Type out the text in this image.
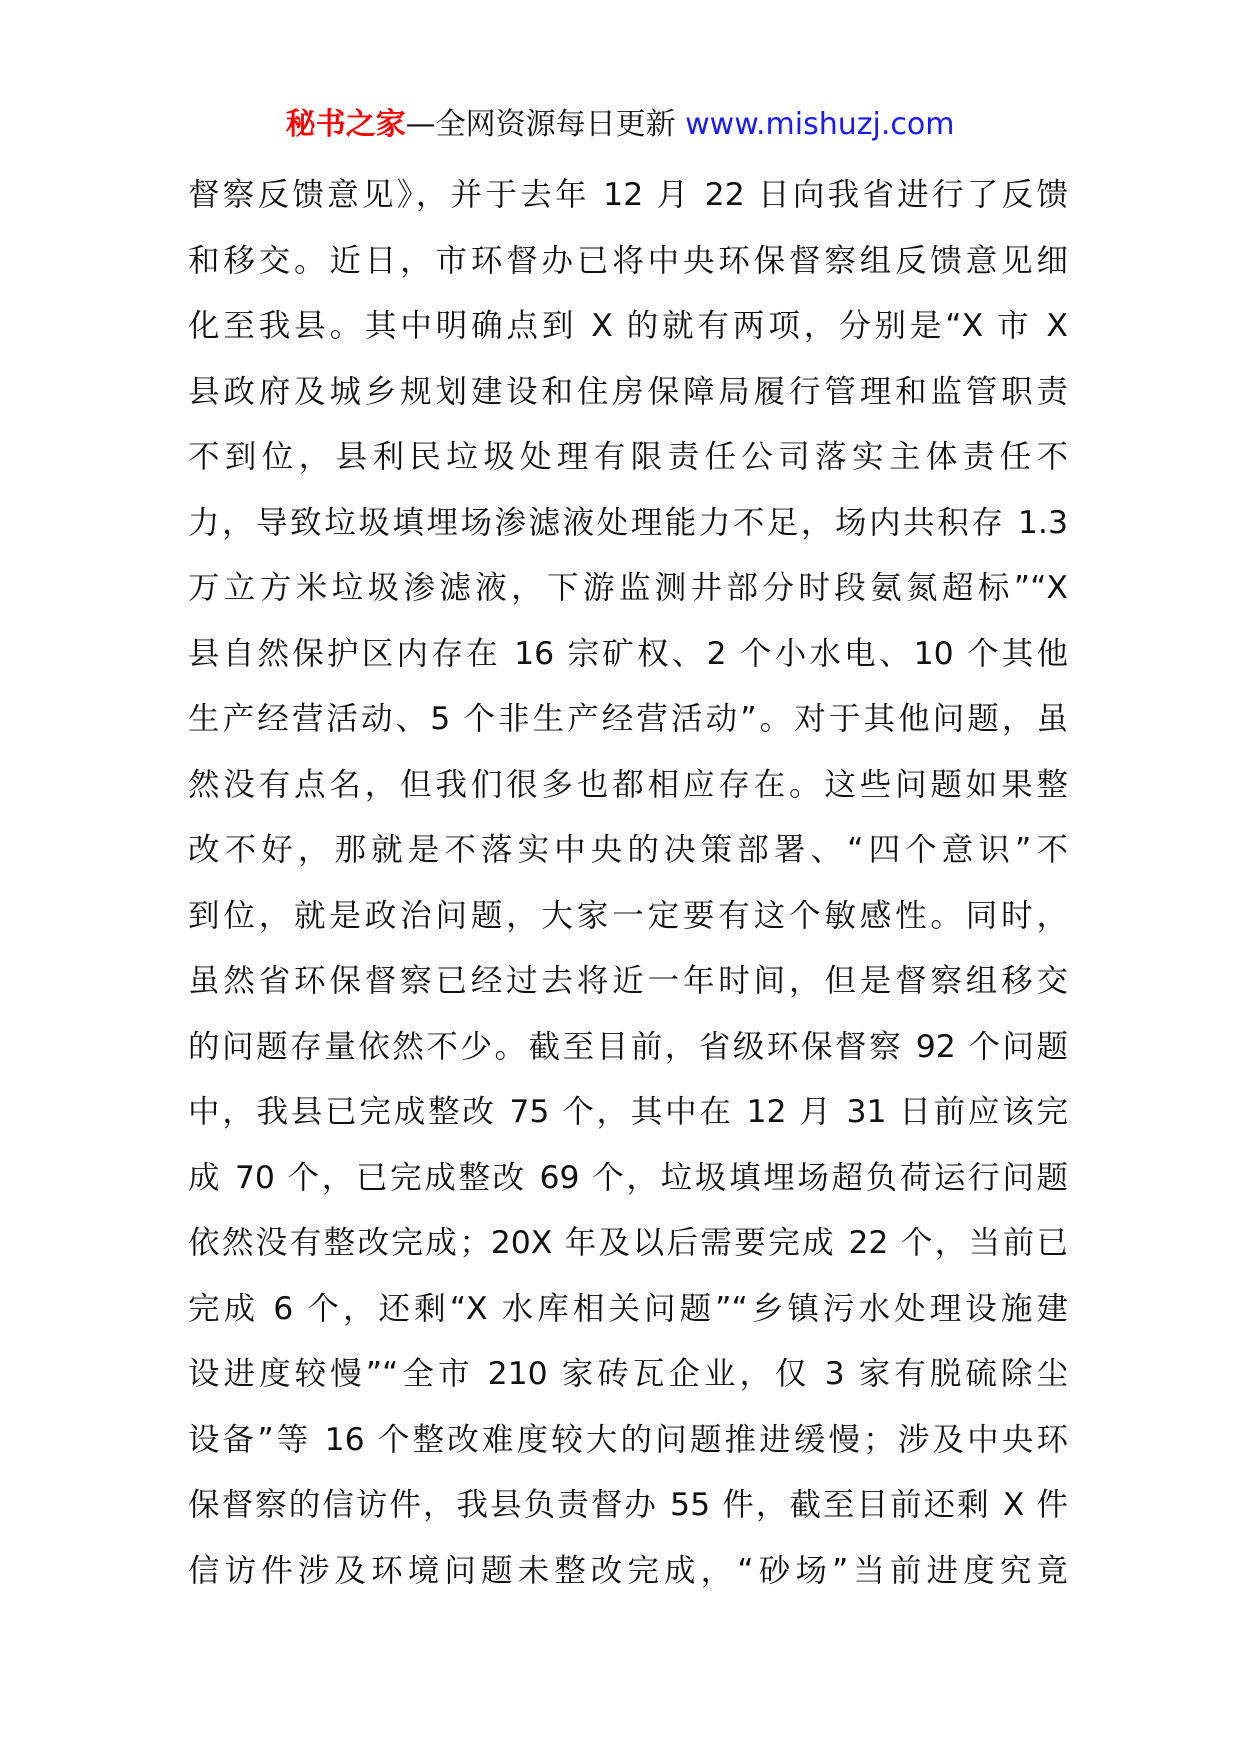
秘书之家—全网资源每日更新 www.mishuzj.com
督察反馈意见》，并于去年 12 月 22 日向我省进行了反馈
和移交。近日，市环督办已将中央环保督察组反馈意见细
化至我县。其中明确点到 X 的就有两项，分别是“X 市 X
县政府及城乡规划建设和住房保障局履行管理和监管职责
不到位，县利民垃圾处理有限责任公司落实主体责任不
力，导致垃圾填埋场渗滤液处理能力不足，场内共积存 1.3
万立方米垃圾渗滤液，下游监测井部分时段氨氮超标”“X
县自然保护区内存在 16 宗矿权、2 个小水电、10 个其他
生产经营活动、5 个非生产经营活动”。对于其他问题，虽
然没有点名，但我们很多也都相应存在。这些问题如果整
改不好，那就是不落实中央的决策部署、“四个意识”不
到位，就是政治问题，大家一定要有这个敏感性。同时，
虽然省环保督察已经过去将近一年时间，但是督察组移交
的问题存量依然不少。截至目前，省级环保督察 92 个问题
中，我县已完成整改 75 个，其中在 12 月 31 日前应该完
成 70 个，已完成整改 69 个，垃圾填埋场超负荷运行问题
依然没有整改完成；20X 年及以后需要完成 22 个，当前已
完成 6 个，还剩“X 水库相关问题”“乡镇污水处理设施建
设进度较慢”“全市 210 家砖瓦企业，仅 3 家有脱硫除尘
设备”等 16 个整改难度较大的问题推进缓慢；涉及中央环
保督察的信访件，我县负责督办 55 件，截至目前还剩 X 件
信访件涉及环境问题未整改完成，“砂场”当前进度究竟
